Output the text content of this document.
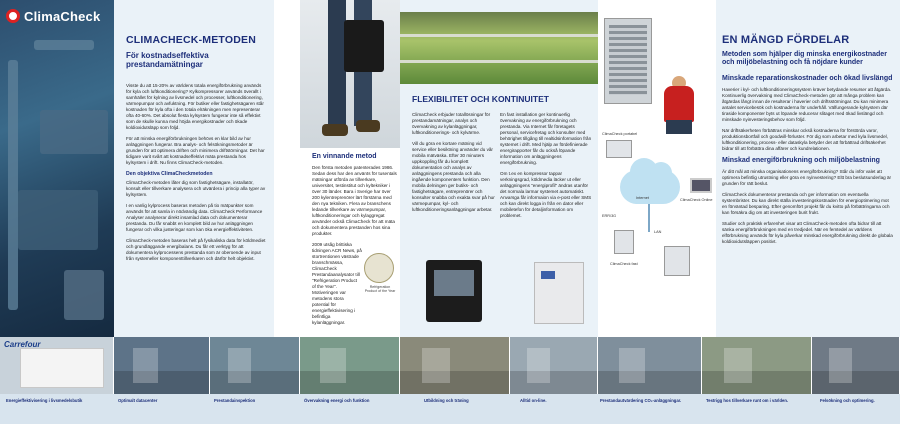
ClimaCheck
CLIMACHECK-METODEN
För kostnadseffektiva prestandamätningar

Visste du att 15-20% av världens totala energiförbrukning används för kyla och luftkonditionering? Kylkompressorer används överallt i samhället för kylning av livsmedel och processer, luftkonditionering, värmepumpar och avfuktning. För butiker eller fastighetsägaren står kostnaden för kyla ofta i den totala elräkningen men representerar ofta 40-60%. Det absolut flesta kylsystem fungerar inte så effektivt som de skulle kunna med höjda energikostnader och ökade koldioxidutsläpp som följd.

För att minska energiförbrukningen behövs en klar bild av hur anläggningen fungerar. Bra analys- och felsökningsmetoder är grunden för att optimera driften och minimera driftstörningar. Det har tidigare varit svårt att kostnadseffektivt mäta prestanda hos kylsystem i drift. Nu finns ClimaCheck-metoden.

Den objektiva ClimaCheckmetoden

ClimaCheck-metoden låter dig som fastighetsägare, installatör, konsult eller tillverkare analysera och utvärdera i princip alla typer av kylsystem.

I en vanlig kylprocess baseras metoden på tio mätpunkter som används för att samla in nödvändig data. ClimaCheck Performance Analyser analyserar direkt insamlad data och dokumenterar prestanda. Du får snabbt en komplett bild av hur anläggningen fungerar och vilka justeringar som kan öka energieffektiviteten.

ClimaCheck-metoden baseras helt på fysikaliska data för köldmediet och grundläggande energibalans. Du får ett verktyg för att dokumentera kylprocessens prestanda som är oberoende av input från systemeller komponenttillverkaren och därför helt objektivt.

En vinnande metod

Den första metoden patenterades 1986. Sedan dess har den använts för tusentals mätningar utförda av tillverkare, universitet, testinstitut och kyltekniker i över 30 länder. Bara i Sverige har över 200 kylentreprenörer lärt förstärna med den nya tekniken. Flera av branschens ledande tillverkare av värmepumpar, luftkonditioneringar och kylaggregat använder också ClimaCheck för att mäta och dokumentera prestanden hos sina produkter.

2009 utsåg brittiska tidningen ACR News, på stortrentionen västrade branschmässa, ClimaCheck Prestandaanalysator till "Refrigeration Product of the Year". Motiveringen var metodens stora potential för energieffektivisering i befintliga kylanläggningar.

Refrigeration Product of the Year
FLEXIBILITET OCH KONTINUITET

ClimaCheck erbjuder totallösningar för prestandamätningar, analys och övervakning av kylanläggningar, luftkonditionerings- och kylvärme.

Vill du göra en kortare mätning vid service eller besiktning använder du vår mobila mätväska. Efter 30 minuters uppkoppling får du komplett dokumentation och analys av anläggningens prestanda och alla ingående komponenters funktion. Den mobila delningen ger butiks- och fastighetsägare, entreprenörer och konsulter snabba och exakta svar på hur värmepumpar, kyl- och luftkonditioneringsanläggningar arbetar.

En fast installation ger kontinuerlig övervakning av energiförbrukning och prestanda. Via Internet får företagets personal, servicefretag och konsulter med behörighet tillgång till realtidsinformation från systemet i drift. Med hjälp av fördefinierade energirapporter får du också löpande information om anläggningens energiförbrukning.

Om t.ex en kompressor tappar verkningsgrad, köldmedia läcker ut eller anläggningens "energiprofil" ändras utanför det normala larmar systemet automatiskt. Anvarsga får informaion via e-post eller SMS och kan direkt logga in från en dator eller mobiletefon för detaljinformation om problemet.

ClimaCheck portabel
Internet	ClimaCheck Online
ERR/3G
LAN
ClimaCheck fast
EN MÄNGD FÖRDELAR
Metoden som hjälper dig minska energikostnader och miljöbelastning och få nöjdare kunder
Minskade reparationskostnader och ökad livslängd

Haverier i kyl- och luftkonditioneringssystem kräver betydande resurser att åtgärda. Kontinuerlig övervakning med ClimaCheck-metoden gör att många problem kan åtgärdas långt innan de resulterar i haverier och driftsstörningar. Du kan minimera antalet servicebesök och kostnaderna för underhåll. Välfungerande kylsystem där tiraside komponenter byts ut löpande reducerar slitaget med ökad livslängd och minskade nyinvesteringsbehov som följd.

När driftsäkerheten förbättras minskar också kostnaderna för förstörda varor, produktionsbortfall och goodwill-förluster. För dig som arbetar med kyla livsmedel, luftkonditionering, process- eller dataskyla betyder det att förbättrad driftsäkerhet bidrar till att förbättra dina affärer och kundrelationen.

Minskad energiförbrukning och miljöbelastning

Är ditt mål att minska organisationens energiförbrukning? Står du inför valet att optimera befintlig utrustning eller göra en nyinvestering? Eltt bra beslutsunderlag är grunden för rätt beslut.

ClimaCheck dokumenterar prestanda och ger information om eventuella systembrister. Du kan direkt ställa investeringskostnaden för energioptimering mot en förväntad besparing. Efter genomfört projekt får du kvitto på förbättringarna och kan försäkra dig om att investeringen burit frukt.

Studier och praktisk erfarenhet visar att ClimaCheck-metoden ofta bidrar till att sänka energiförbrukningen med en tredjedel. När en femtedel av världens elförbrukning används för kyla påverkar minskad energiförbrukning direkt de globala koldioxidutsläppen positivt.

Carrefour
Energieffektivisering i livsmedelsbutik	Optimalt datacenter	Prestandainspektion	Övervakning energi och funktion	Utbildning och träning	Alltid on-line.	Prestandautvärdering CO₂-anläggningar.	Testrigg hos tillverkare runt om i världen.	Felsökning och optimering.
